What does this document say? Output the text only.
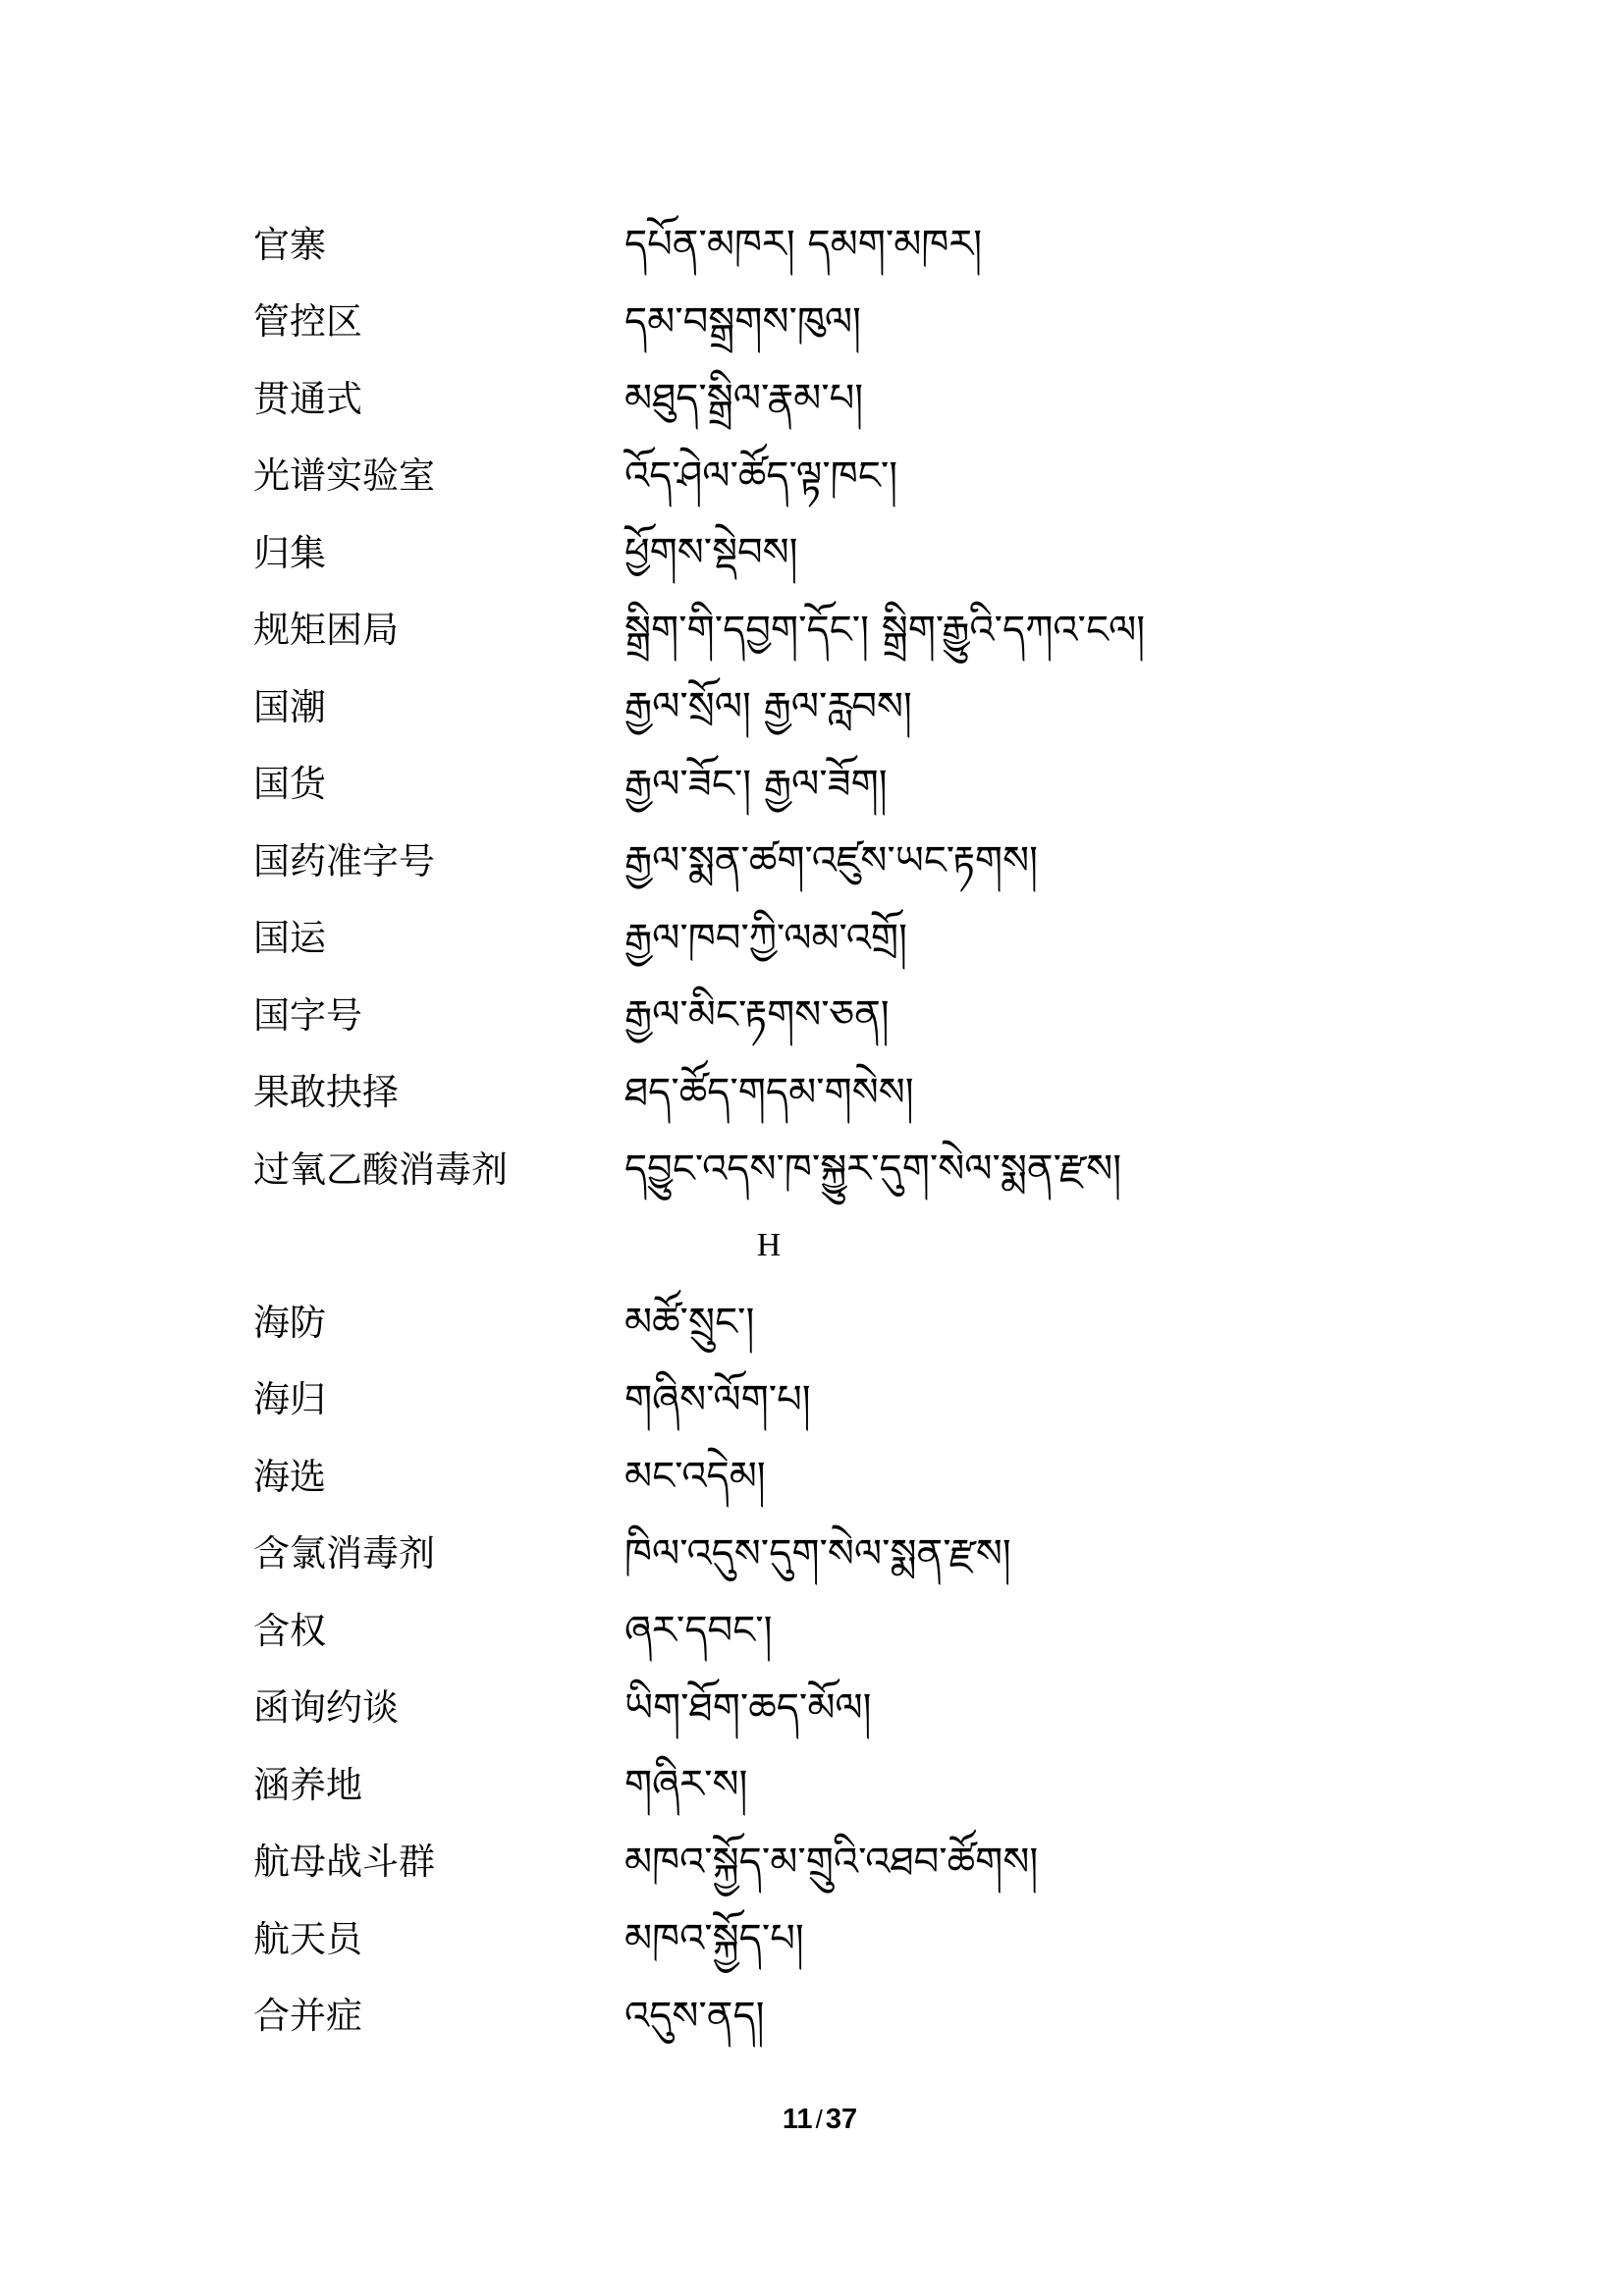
官寨	དཔོན་མཁར། དམག་མཁར།
管控区	དམ་བསྒྲགས་ཁུལ།
贯通式	མཐུད་སྒྲིལ་རྣམ་པ།
光谱实验室	འོད་ཤེལ་ཚོད་ལྟ་ཁང་།
归集	ཕྱོགས་སྡེབས།
规矩困局	སྒྲིག་གི་དབྱག་དོང་། སྒྲིག་རྒྱུའི་དཀའ་ངལ།
国潮	རྒྱལ་སྲོལ། རྒྱལ་རླབས།
国货	རྒྱལ་ཟོང་། རྒྱལ་ཟོག།
国药准字号	རྒྱལ་སྨན་ཚག་འཛུས་ཡང་རྟགས།
国运	རྒྱལ་ཁབ་ཀྱི་ལམ་འགྲོ།
国字号	རྒྱལ་མིང་རྟགས་ཅན།
果敢抉择	ཐད་ཚོད་གདམ་གསེས།
过氧乙酸消毒剂	དབྱུང་འདས་ཁ་སྐྱུར་དུག་སེལ་སྨན་རྫས།
H
海防	མཚོ་སྲུང་།
海归	གཞིས་ལོག་པ།
海选	མང་འདེམ།
含氯消毒剂	ཁིལ་འདུས་དུག་སེལ་སྨན་རྫས།
含权	ཞར་དབང་།
函询约谈	ཡིག་ཐོག་ཆད་མོལ།
涵养地	གཞིར་ས།
航母战斗群	མཁའ་སྐྱོད་མ་གྲུའི་འཐབ་ཚོགས།
航天员	མཁའ་སྐྱོད་པ།
合并症	འདུས་ནད།
11 / 37
